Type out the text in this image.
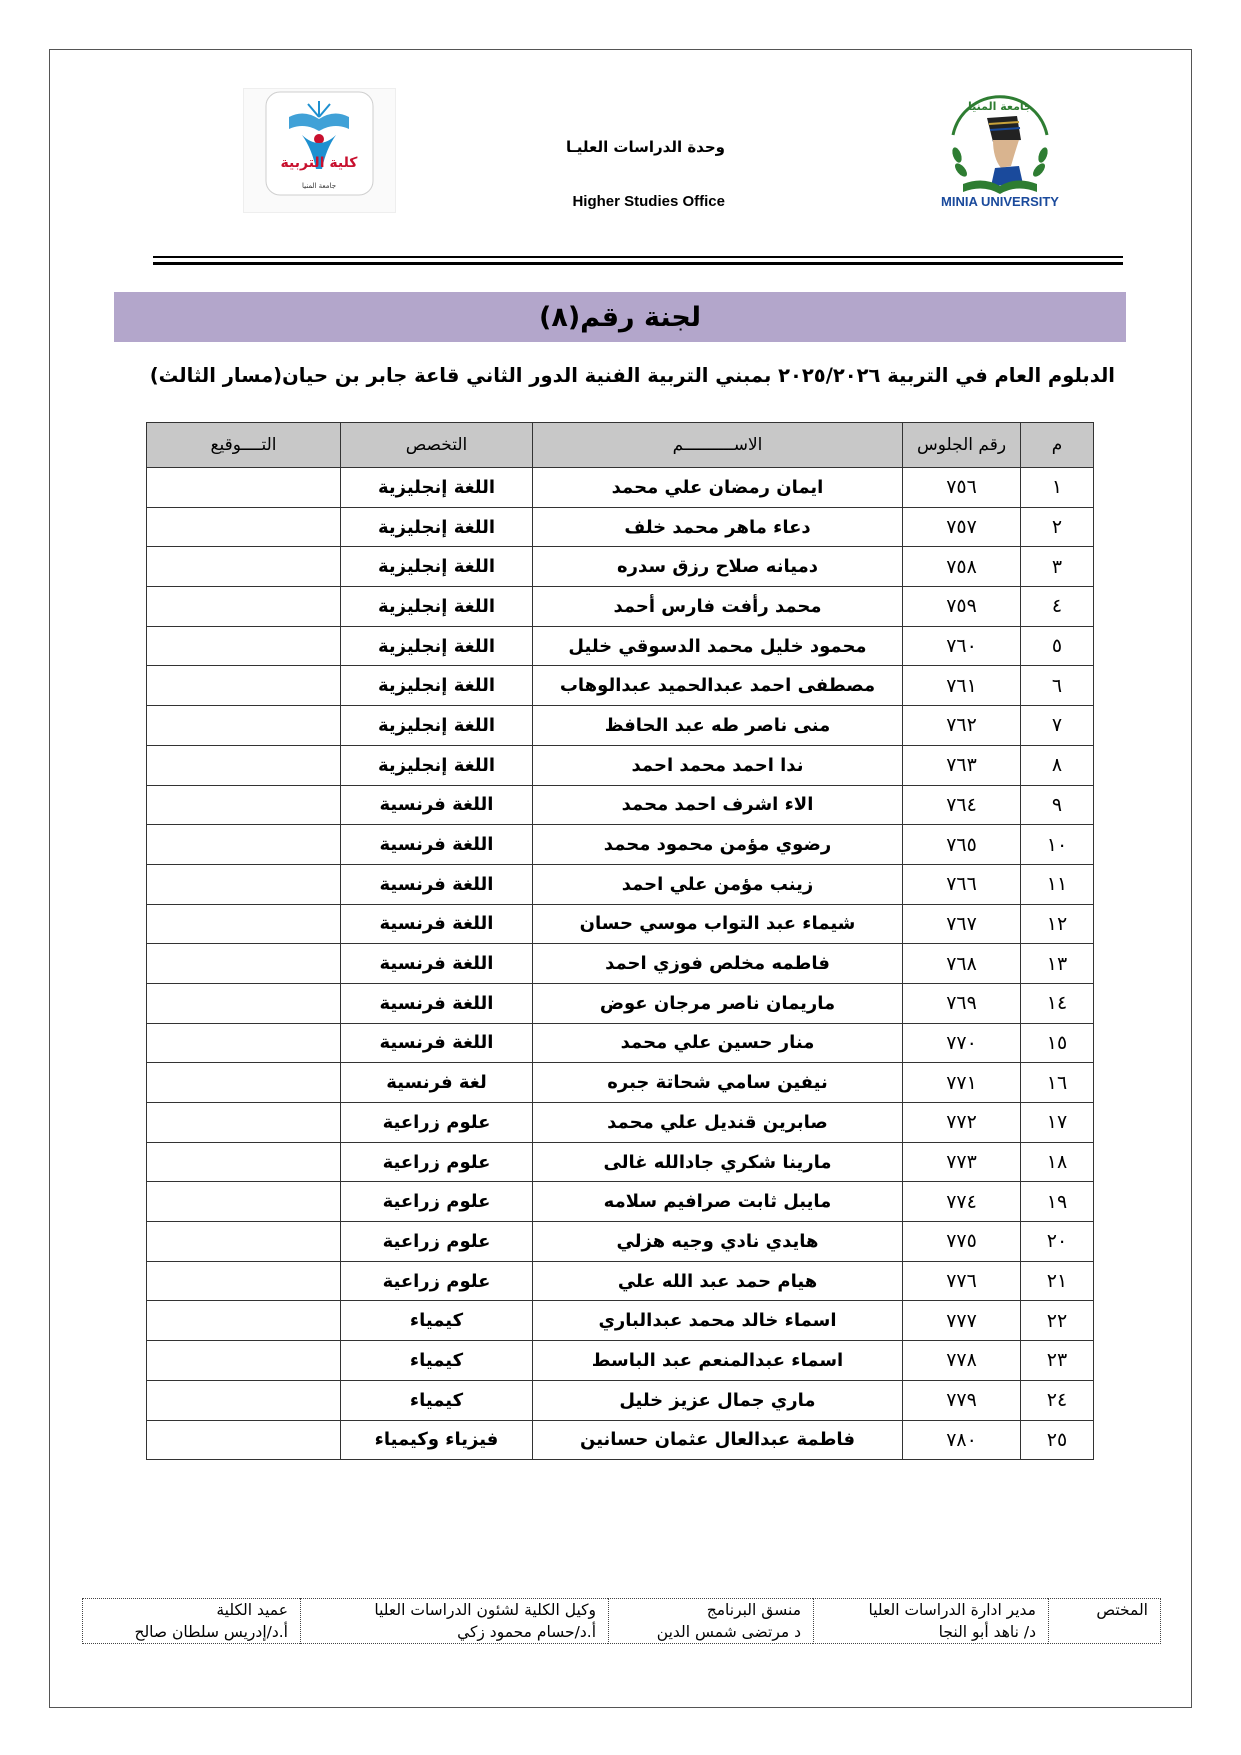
كلية التربية
جامعة المنيا
وحدة الدراسات العليـا
Higher Studies Office
جامعة المنيا
MINIA UNIVERSITY
لجنة رقم(٨)
الدبلوم العام في التربية ٢٠٢٥/٢٠٢٦ بمبني التربية الفنية الدور الثاني قاعة جابر بن حيان(مسار الثالث)
م	رقم الجلوس	الاســــــــــم	التخصص	التــــوقيع
١	٧٥٦	ايمان رمضان علي محمد	اللغة إنجليزية	
٢	٧٥٧	دعاء ماهر محمد خلف	اللغة إنجليزية	
٣	٧٥٨	دميانه صلاح رزق سدره	اللغة إنجليزية	
٤	٧٥٩	محمد رأفت فارس أحمد	اللغة إنجليزية	
٥	٧٦٠	محمود خليل محمد الدسوقي خليل	اللغة إنجليزية	
٦	٧٦١	مصطفى احمد عبدالحميد عبدالوهاب	اللغة إنجليزية	
٧	٧٦٢	منى ناصر طه عبد الحافظ	اللغة إنجليزية	
٨	٧٦٣	ندا احمد محمد احمد	اللغة إنجليزية	
٩	٧٦٤	الاء اشرف احمد محمد	اللغة فرنسية	
١٠	٧٦٥	رضوي مؤمن محمود محمد	اللغة فرنسية	
١١	٧٦٦	زينب مؤمن علي احمد	اللغة فرنسية	
١٢	٧٦٧	شيماء عبد التواب موسي حسان	اللغة فرنسية	
١٣	٧٦٨	فاطمه مخلص فوزي احمد	اللغة فرنسية	
١٤	٧٦٩	ماريمان ناصر مرجان عوض	اللغة فرنسية	
١٥	٧٧٠	منار حسين علي محمد	اللغة فرنسية	
١٦	٧٧١	نيفين سامي شحاتة جبره	لغة فرنسية	
١٧	٧٧٢	صابرين قنديل علي محمد	علوم زراعية	
١٨	٧٧٣	مارينا شكري جادالله غالى	علوم زراعية	
١٩	٧٧٤	مايبل ثابت صرافيم سلامه	علوم زراعية	
٢٠	٧٧٥	هايدي نادي وجيه هزلي	علوم زراعية	
٢١	٧٧٦	هيام حمد عبد الله علي	علوم زراعية	
٢٢	٧٧٧	اسماء خالد محمد عبدالباري	كيمياء	
٢٣	٧٧٨	اسماء عبدالمنعم عبد الباسط	كيمياء	
٢٤	٧٧٩	ماري جمال عزيز خليل	كيمياء	
٢٥	٧٨٠	فاطمة عبدالعال عثمان حسانين	فيزياء وكيمياء	
المختص	مدير ادارة الدراسات العليا
د/ ناهد أبو النجا
	منسق البرنامج
د مرتضى شمس الدين
	وكيل الكلية لشئون الدراسات العليا
أ.د/حسام محمود زكي
	عميد الكلية
أ.د/إدريس سلطان صالح
